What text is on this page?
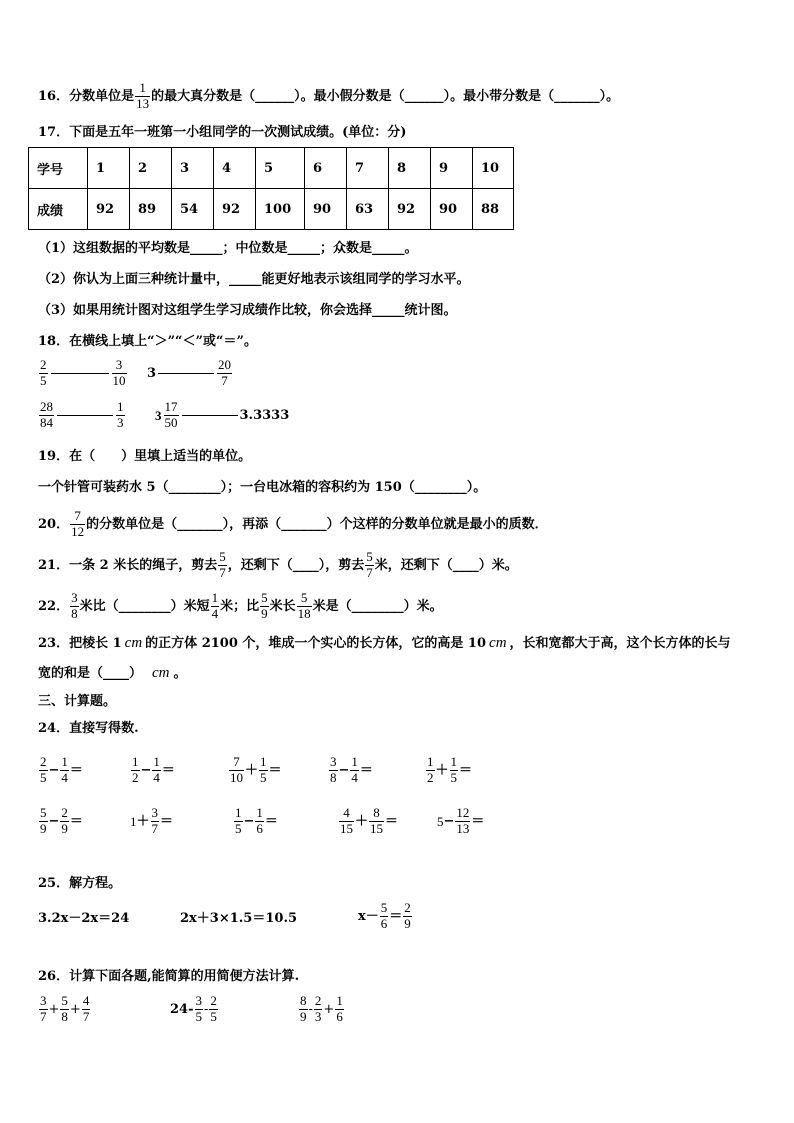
16． 分数单位是 $\frac{1}{13}$ 的最大真分数是（ ______ ）。最小假分数是（ ______ ）。最小带分数是（ _______ ）。
17．下面是五年一班第一小组同学的一次测试成绩。(单位：分)
学号	1	2	3	4	5	6	7	8	9	10
成绩	92	89	54	92	100	90	63	92	90	88
（1）这组数据的平均数是_____；中位数是_____；众数是_____。
（2）你认为上面三种统计量中，_____能更好地表示该组同学的学习水平。
（3）如果用统计图对这组学生学习成绩作比较，你会选择_____统计图。
18．在横线上填上“＞”“＜”或“＝”。
$\frac{2}{5}$	$\frac{3}{10} 3$	$\frac{20}{7}$
$\frac{28}{84}$	$\frac{1}{3} 3 \frac{17}{50}$	3.3333
19．在（　　）里填上适当的单位。
一个针管可装药水 5（________）；一台电冰箱的容积约为 150（________）。
20． $\frac{7}{12}$ 的分数单位是（_______），再添（_______）个这样的分数单位就是最小的质数．
21．一条 2 米长的绳子，剪去 $\frac{5}{7}$ ，还剩下（____），剪去 $\frac{5}{7}$ 米，还剩下（____）米。
22． $\frac{3}{8}$ 米比（________）米短 $\frac{1}{4}$ 米；比 $\frac{5}{9}$ 米长 $\frac{5}{18}$ 米是（________）米。
23．把棱长 1 cm 的正方体 2100 个，堆成一个实心的长方体，它的高是 10 cm ，长和宽都大于高，这个长方体的长与
宽的和是（____） cm 。
三、计算题。
24．直接写得数.
$\frac{2}{5} - \frac{1}{4}$ ＝	$\frac{1}{2} - \frac{1}{4}$ ＝	$\frac{7}{10} + \frac{1}{5}$ ＝	$\frac{3}{8} - \frac{1}{4}$ ＝	$\frac{1}{2} + \frac{1}{5}$ ＝
$\frac{5}{9} - \frac{2}{9}$ ＝	$1 + \frac{3}{7}$ ＝	$\frac{1}{5} - \frac{1}{6}$ ＝	$\frac{4}{15} + \frac{8}{15}$ ＝	$5 - \frac{12}{13}$ ＝
25．解方程。
3.2x－2x＝24	2x＋3×1.5＝10.5	$x- \frac{5}{6} = \frac{2}{9}$
26．计算下面各题,能简算的用简便方法计算.
$\frac{3}{7} + \frac{5}{8} + \frac{4}{7}$	$24- \frac{3}{5} - \frac{2}{5}$	$\frac{8}{9} - \frac{2}{3} + \frac{1}{6}$
